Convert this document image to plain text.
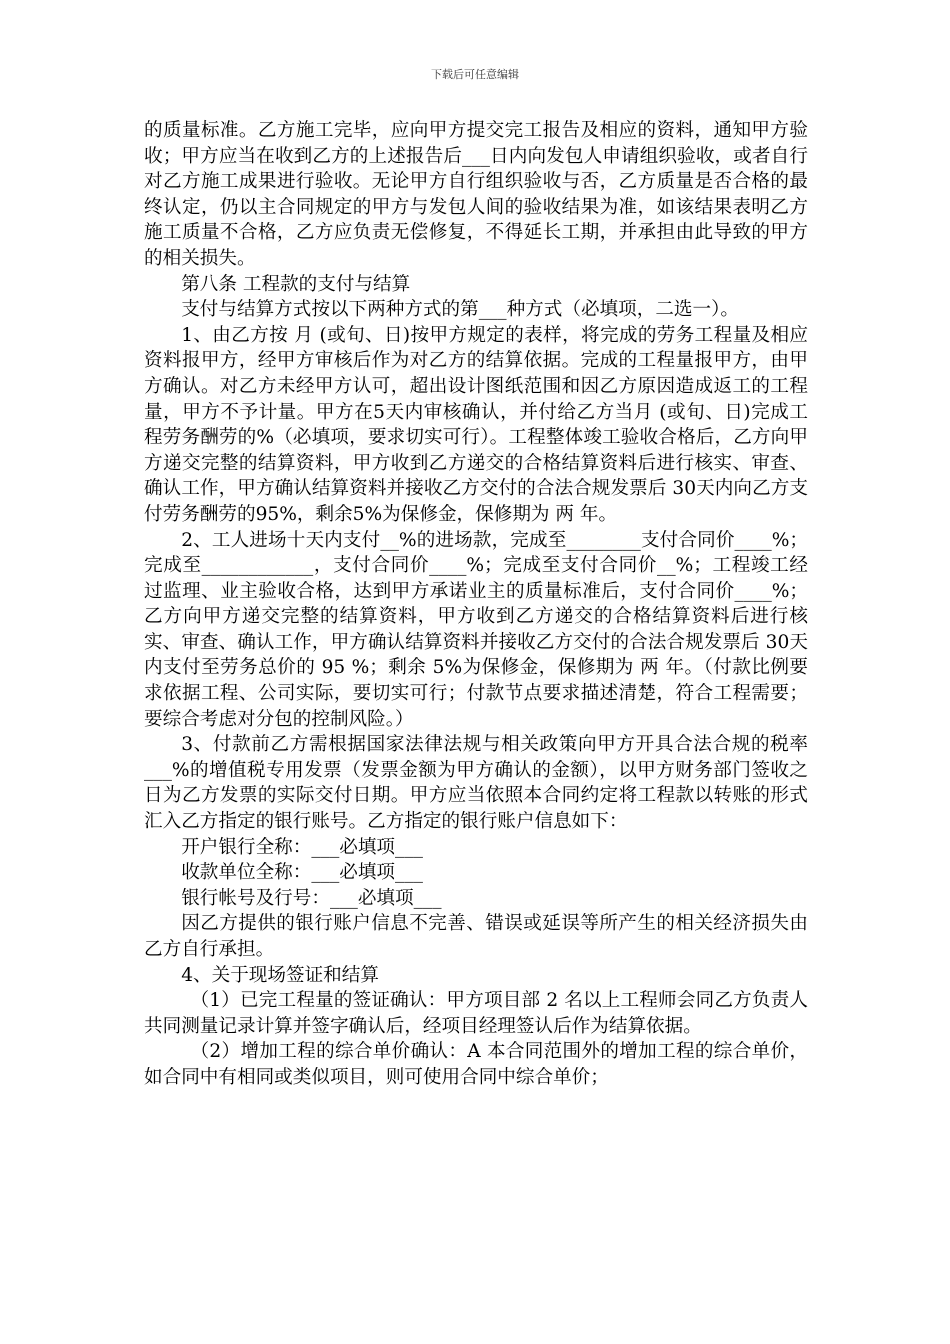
下载后可任意编辑

的质量标准。乙方施工完毕，应向甲方提交完工报告及相应的资料，通知甲方验收；甲方应当在收到乙方的上述报告后___日内向发包人申请组织验收，或者自行对乙方施工成果进行验收。无论甲方自行组织验收与否，乙方质量是否合格的最终认定，仍以主合同规定的甲方与发包人间的验收结果为准，如该结果表明乙方施工质量不合格，乙方应负责无偿修复，不得延长工期，并承担由此导致的甲方的相关损失。

第八条 工程款的支付与结算

支付与结算方式按以下两种方式的第___种方式（必填项，二选一）。

1、由乙方按 月 (或旬、日)按甲方规定的表样，将完成的劳务工程量及相应资料报甲方，经甲方审核后作为对乙方的结算依据。完成的工程量报甲方，由甲方确认。对乙方未经甲方认可，超出设计图纸范围和因乙方原因造成返工的工程量，甲方不予计量。甲方在5天内审核确认，并付给乙方当月 (或旬、日)完成工程劳务酬劳的%（必填项，要求切实可行）。工程整体竣工验收合格后，乙方向甲方递交完整的结算资料，甲方收到乙方递交的合格结算资料后进行核实、审查、确认工作，甲方确认结算资料并接收乙方交付的合法合规发票后 30天内向乙方支付劳务酬劳的95%，剩余5%为保修金，保修期为 两 年。

2、工人进场十天内支付__%的进场款，完成至________支付合同价____%；完成至____________，支付合同价____%；完成至支付合同价__%；工程竣工经过监理、业主验收合格，达到甲方承诺业主的质量标准后，支付合同价____%；乙方向甲方递交完整的结算资料，甲方收到乙方递交的合格结算资料后进行核实、审查、确认工作，甲方确认结算资料并接收乙方交付的合法合规发票后 30天内支付至劳务总价的 95 %；剩余 5%为保修金，保修期为 两 年。（付款比例要求依据工程、公司实际，要切实可行；付款节点要求描述清楚，符合工程需要；要综合考虑对分包的控制风险。）

3、付款前乙方需根据国家法律法规与相关政策向甲方开具合法合规的税率___%的增值税专用发票（发票金额为甲方确认的金额），以甲方财务部门签收之日为乙方发票的实际交付日期。甲方应当依照本合同约定将工程款以转账的形式汇入乙方指定的银行账号。乙方指定的银行账户信息如下：

开户银行全称：___必填项___

收款单位全称：___必填项___

银行帐号及行号：___必填项___

因乙方提供的银行账户信息不完善、错误或延误等所产生的相关经济损失由乙方自行承担。

4、关于现场签证和结算

（1）已完工程量的签证确认：甲方项目部 2 名以上工程师会同乙方负责人共同测量记录计算并签字确认后，经项目经理签认后作为结算依据。

（2）增加工程的综合单价确认：A 本合同范围外的增加工程的综合单价，如合同中有相同或类似项目，则可使用合同中综合单价；
